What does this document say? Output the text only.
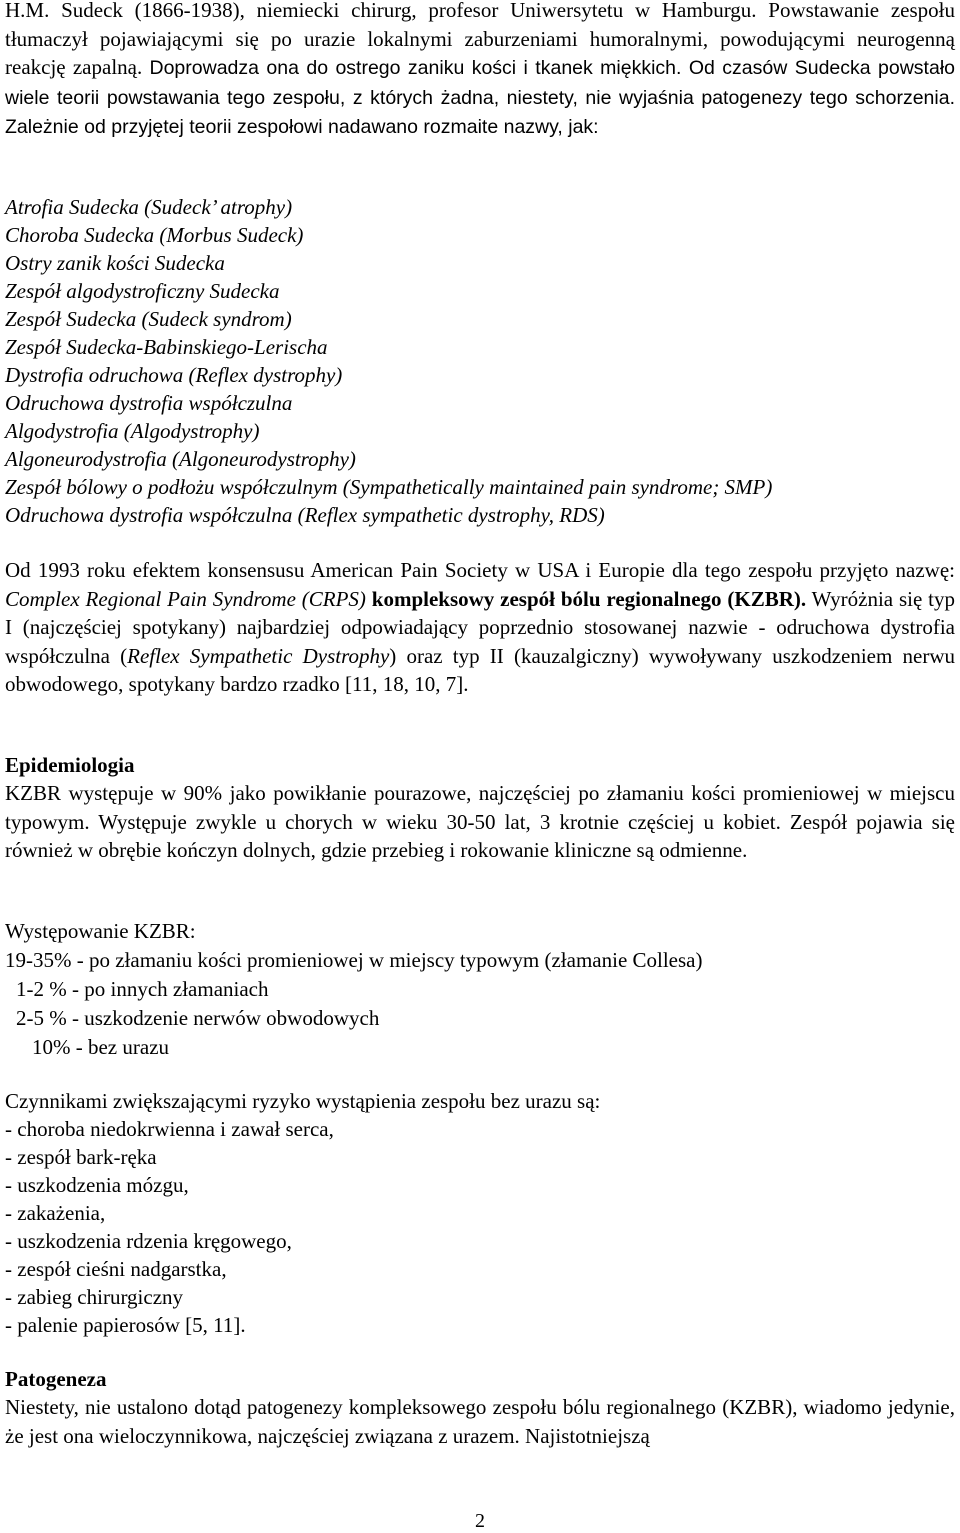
H.M. Sudeck (1866-1938), niemiecki chirurg, profesor Uniwersytetu w Hamburgu. Powstawanie zespołu tłumaczył pojawiającymi się po urazie lokalnymi zaburzeniami humoralnymi, powodującymi neurogenną reakcję zapalną. Doprowadza ona do ostrego zaniku kości i tkanek miękkich. Od czasów Sudecka powstało wiele teorii powstawania tego zespołu, z których żadna, niestety, nie wyjaśnia patogenezy tego schorzenia. Zależnie od przyjętej teorii zespołowi nadawano rozmaite nazwy, jak:
Atrofia Sudecka (Sudeck’ atrophy)
Choroba Sudecka (Morbus Sudeck)
Ostry zanik kości Sudecka
Zespół algodystroficzny Sudecka
Zespół Sudecka (Sudeck syndrom)
Zespół Sudecka-Babinskiego-Lerischa
Dystrofia odruchowa (Reflex dystrophy)
Odruchowa dystrofia współczulna
Algodystrofia (Algodystrophy)
Algoneurodystrofia (Algoneurodystrophy)
Zespół bólowy o podłożu współczulnym (Sympathetically maintained pain syndrome; SMP)
Odruchowa dystrofia współczulna (Reflex sympathetic dystrophy, RDS)
Od 1993 roku efektem konsensusu American Pain Society w USA i Europie dla tego zespołu przyjęto nazwę: Complex Regional Pain Syndrome (CRPS) kompleksowy zespół bólu regionalnego (KZBR). Wyróżnia się typ I (najczęściej spotykany) najbardziej odpowiadający poprzednio stosowanej nazwie - odruchowa dystrofia współczulna (Reflex Sympathetic Dystrophy) oraz typ II (kauzalgiczny) wywoływany uszkodzeniem nerwu obwodowego, spotykany bardzo rzadko [11, 18, 10, 7].
Epidemiologia
KZBR występuje w 90% jako powikłanie pourazowe, najczęściej po złamaniu kości promieniowej w miejscu typowym. Występuje zwykle u chorych w wieku 30-50 lat, 3 krotnie częściej u kobiet. Zespół pojawia się również w obrębie kończyn dolnych, gdzie przebieg i rokowanie kliniczne są odmienne.
Występowanie KZBR:
19-35% - po złamaniu kości promieniowej w miejscy typowym (złamanie Collesa)
1-2 % - po innych złamaniach
2-5 % - uszkodzenie nerwów obwodowych
10% - bez urazu
Czynnikami zwiększającymi ryzyko wystąpienia zespołu bez urazu są:
- choroba niedokrwienna i zawał serca,
- zespół bark-ręka
- uszkodzenia mózgu,
- zakażenia,
- uszkodzenia rdzenia kręgowego,
- zespół cieśni nadgarstka,
- zabieg chirurgiczny
- palenie papierosów [5, 11].
Patogeneza
Niestety, nie ustalono dotąd patogenezy kompleksowego zespołu bólu regionalnego (KZBR), wiadomo jedynie, że jest ona wieloczynnikowa, najczęściej związana z urazem. Najistotniejszą
2
